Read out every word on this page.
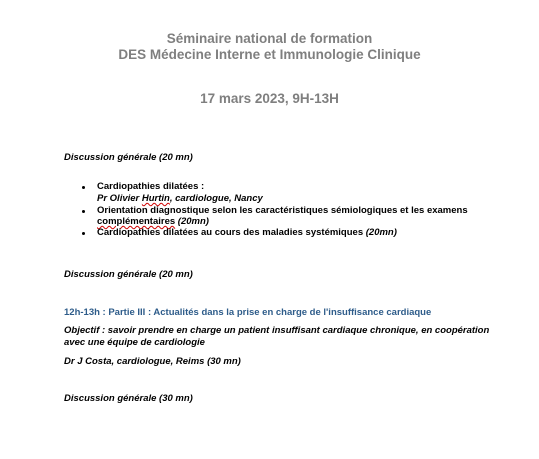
Séminaire national de formation
DES Médecine Interne et Immunologie Clinique
17 mars 2023, 9H-13H
Discussion générale (20 mn)
Cardiopathies dilatées :
Pr Olivier Hurtin, cardiologue, Nancy
Orientation diagnostique selon les caractéristiques sémiologiques et les examens
complémentaires (20mn)
Cardiopathies dilatées au cours des maladies systémiques (20mn)
Discussion générale (20 mn)
12h-13h : Partie III : Actualités dans la prise en charge de l'insuffisance cardiaque
Objectif : savoir prendre en charge un patient insuffisant cardiaque chronique, en coopération
avec une équipe de cardiologie
Dr J Costa, cardiologue, Reims (30 mn)
Discussion générale (30 mn)
